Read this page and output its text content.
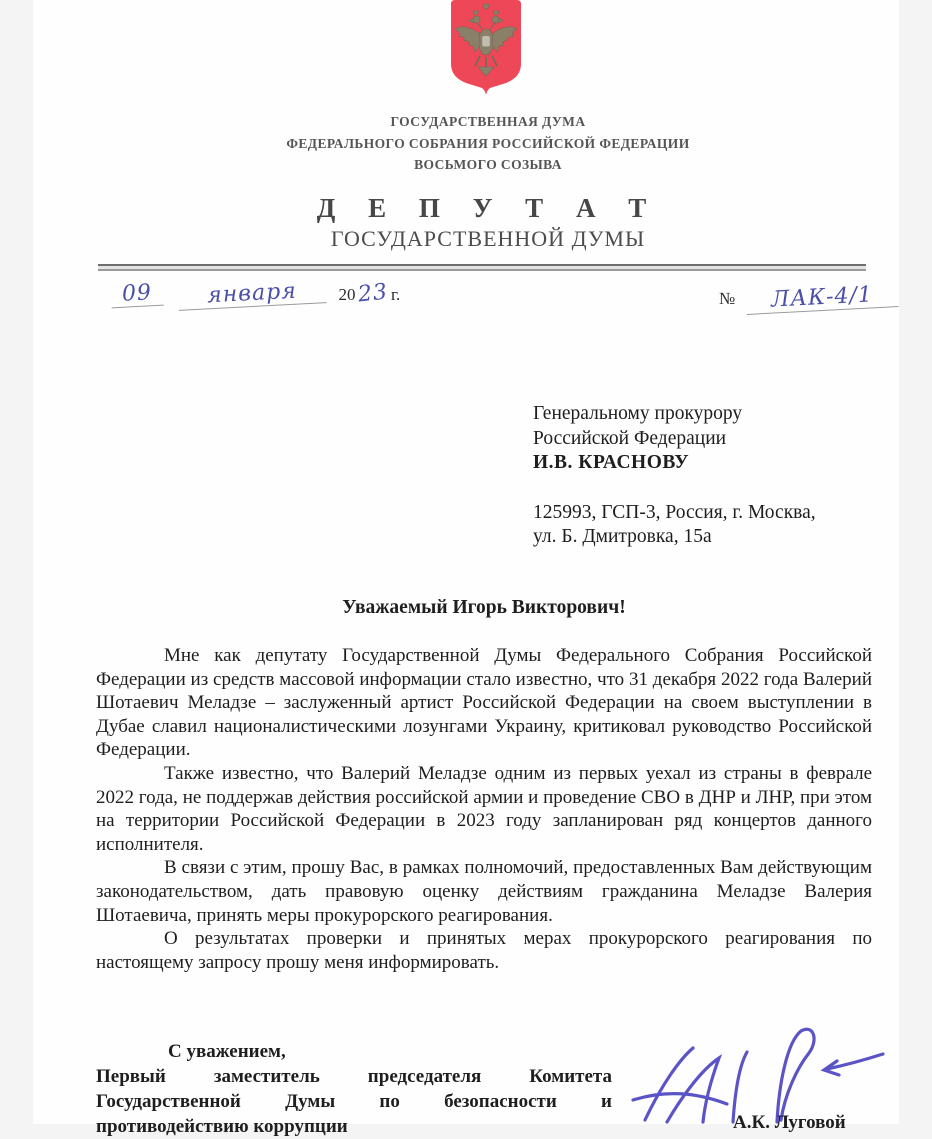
ГОСУДАРСТВЕННАЯ ДУМА
ФЕДЕРАЛЬНОГО СОБРАНИЯ РОССИЙСКОЙ ФЕДЕРАЦИИ
ВОСЬМОГО СОЗЫВА
Д Е П У Т А Т
ГОСУДАРСТВЕННОЙ ДУМЫ
09 января 20 23 г.	№ ЛАК-4/1
Генеральному прокурору
Российской Федерации
И.В. КРАСНОВУ
125993, ГСП-3, Россия, г. Москва,
ул. Б. Дмитровка, 15а
Уважаемый Игорь Викторович!

Мне как депутату Государственной Думы Федерального Собрания Российской Федерации из средств массовой информации стало известно, что 31 декабря 2022 года Валерий Шотаевич Меладзе – заслуженный артист Российской Федерации на своем выступлении в Дубае славил националистическими лозунгами Украину, критиковал руководство Российской Федерации.

Также известно, что Валерий Меладзе одним из первых уехал из страны в феврале 2022 года, не поддержав действия российской армии и проведение СВО в ДНР и ЛНР, при этом на территории Российской Федерации в 2023 году запланирован ряд концертов данного исполнителя.

В связи с этим, прошу Вас, в рамках полномочий, предоставленных Вам действующим законодательством, дать правовую оценку действиям гражданина Меладзе Валерия Шотаевича, принять меры прокурорского реагирования.

О результатах проверки и принятых мерах прокурорского реагирования по настоящему запросу прошу меня информировать.

С уважением,
Первый заместитель председателя Комитета
Государственной Думы по безопасности и
противодействию коррупции	А.К. Луговой
